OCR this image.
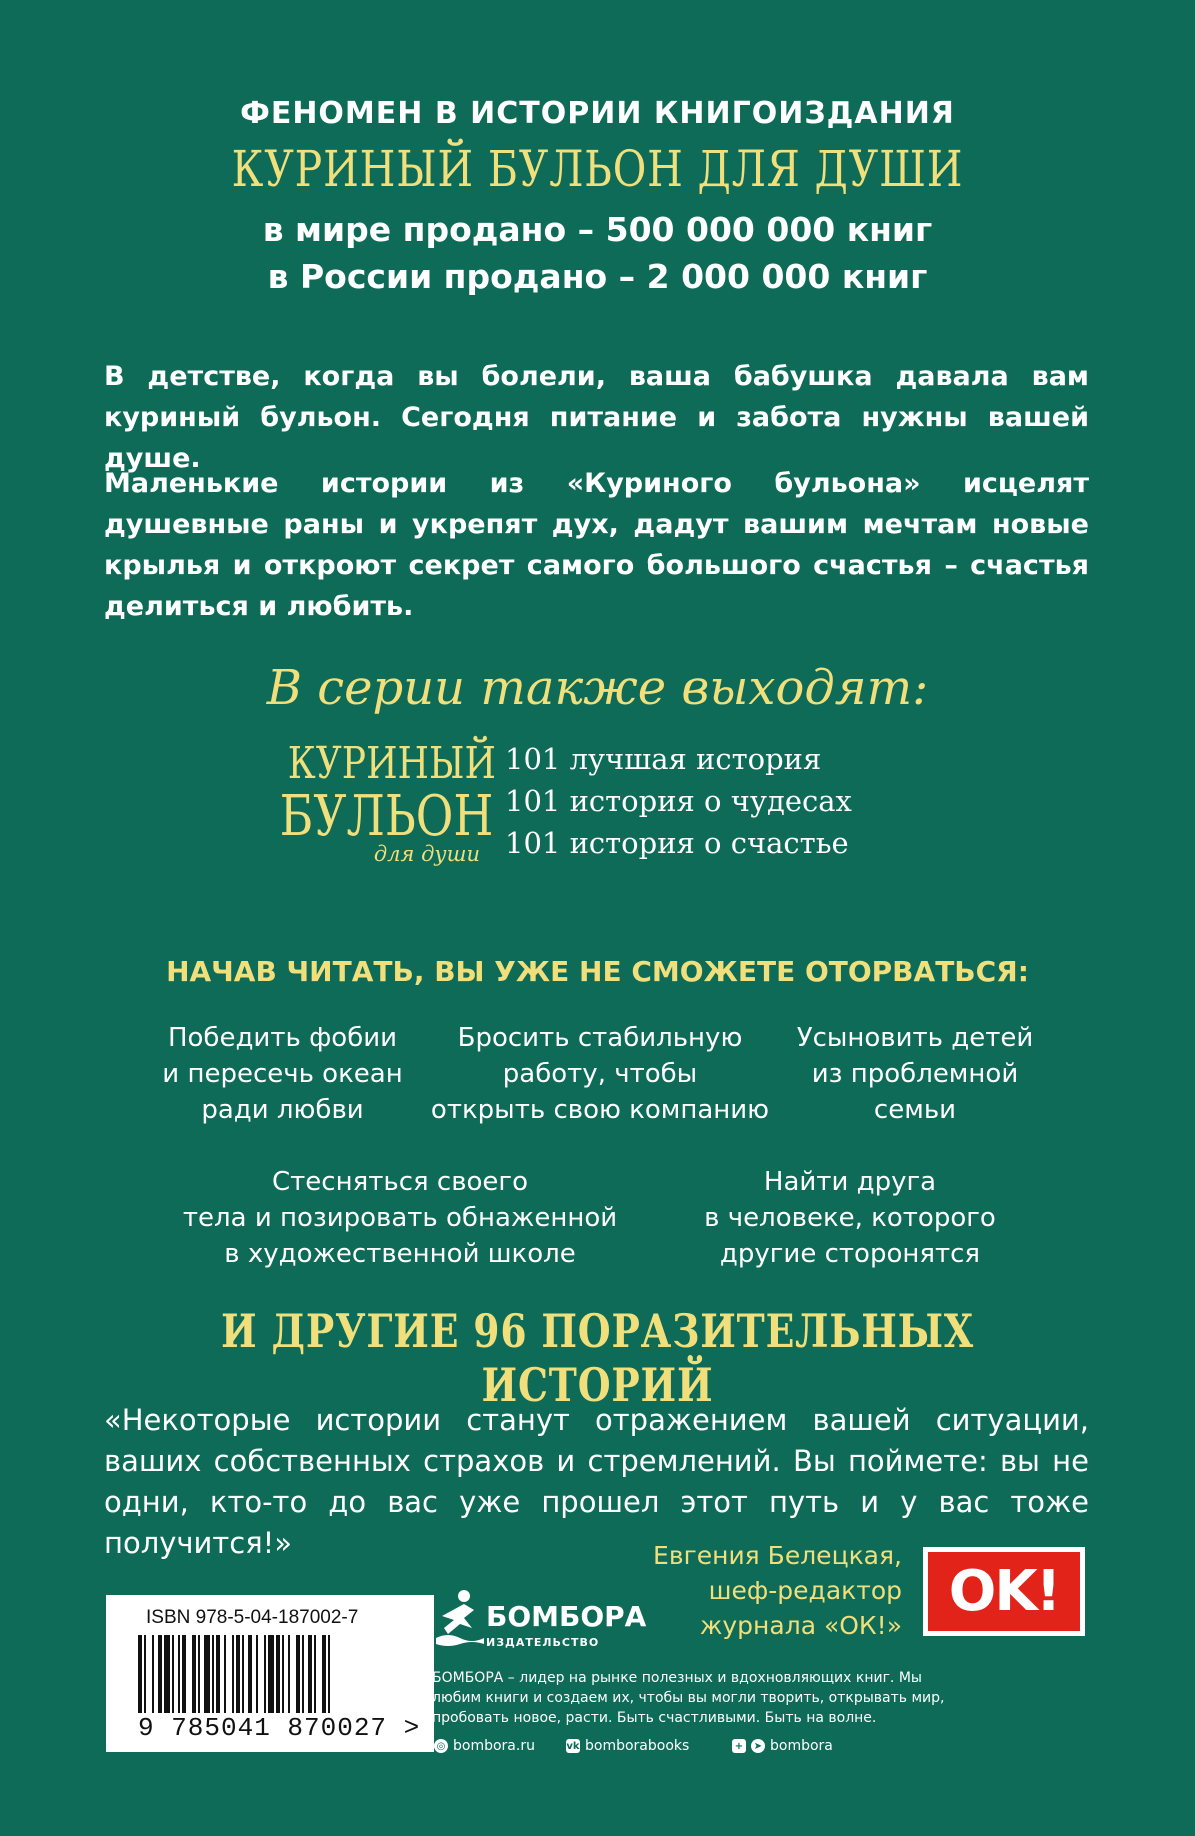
ФЕНОМЕН В ИСТОРИИ КНИГОИЗДАНИЯ
КУРИНЫЙ БУЛЬОН ДЛЯ ДУШИ
в мире продано – 500 000 000 книг
в России продано – 2 000 000 книг
В детстве, когда вы болели, ваша бабушка давала вам куриный бульон. Сегодня питание и забота нужны вашей душе.
Маленькие истории из «Куриного бульона» исцелят душевные раны и укрепят дух, дадут вашим мечтам новые крылья и откроют секрет самого большого счастья – счастья делиться и любить.
В серии также выходят:
КУРИНЫЙ
БУЛЬОН
для души
101 лучшая история
101 история о чудесах
101 история о счастье
НАЧАВ ЧИТАТЬ, ВЫ УЖЕ НЕ СМОЖЕТЕ ОТОРВАТЬСЯ:
Победить фобии
и пересечь океан
ради любви
Бросить стабильную
работу, чтобы
открыть свою компанию
Усыновить детей
из проблемной
семьи
Стесняться своего
тела и позировать обнаженной
в художественной школе
Найти друга
в человеке, которого
другие сторонятся
И ДРУГИЕ 96 ПОРАЗИТЕЛЬНЫХ ИСТОРИЙ
«Некоторые истории станут отражением вашей ситуации, ваших собственных страхов и стремлений. Вы поймете: вы не одни, кто-то до вас уже прошел этот путь и у вас тоже получится!»	Евгения Белецкая,
шеф-редактор
журнала «ОК!»
OK!
ISBN 978-5-04-187002-7
9 785041 870027 >
БОМБОРА
ИЗДАТЕЛЬСТВО
БОМБОРА – лидер на рынке полезных и вдохновляющих книг. Мы любим книги и создаем их, чтобы вы могли творить, открывать мир, пробовать новое, расти. Быть счастливыми. Быть на волне.
◎ bombora.ru	vk bomborabooks	+ ➤ bombora
